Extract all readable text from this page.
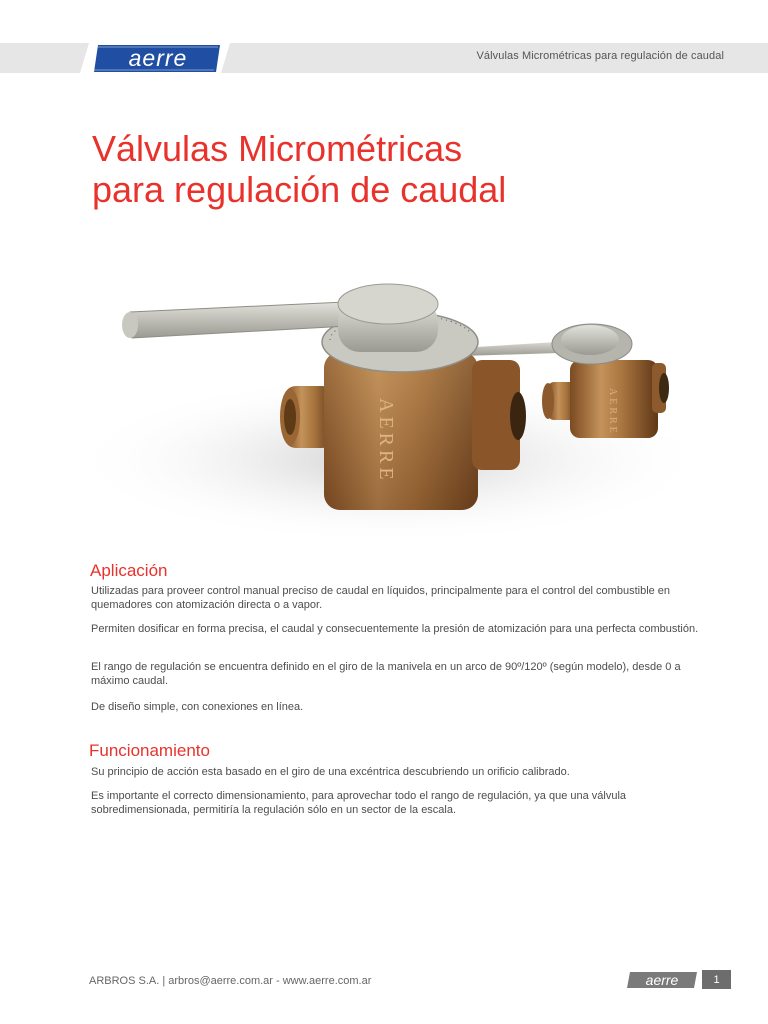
aerre	Válvulas Micrométricas para regulación de caudal
Válvulas Micrométricas
para regulación de caudal
AERRE
AERRE
Aplicación

Utilizadas para proveer control manual preciso de caudal en líquidos, principalmente para el control del combustible en quemadores con atomización directa o a vapor.

Permiten dosificar en forma precisa, el caudal y consecuentemente la presión de atomización para una perfecta combustión.

El rango de regulación se encuentra definido en el giro de la manivela en un arco de 90º/120º (según modelo), desde 0 a máximo caudal.

De diseño simple, con conexiones en línea.

Funcionamiento

Su principio de acción esta basado en el giro de una excéntrica descubriendo un orificio calibrado.

Es importante el correcto dimensionamiento, para aprovechar todo el rango de regulación, ya que una válvula sobredimensionada, permitiría la regulación sólo en un sector de la escala.

ARBROS S.A. | arbros@aerre.com.ar - www.aerre.com.ar	aerre	1
